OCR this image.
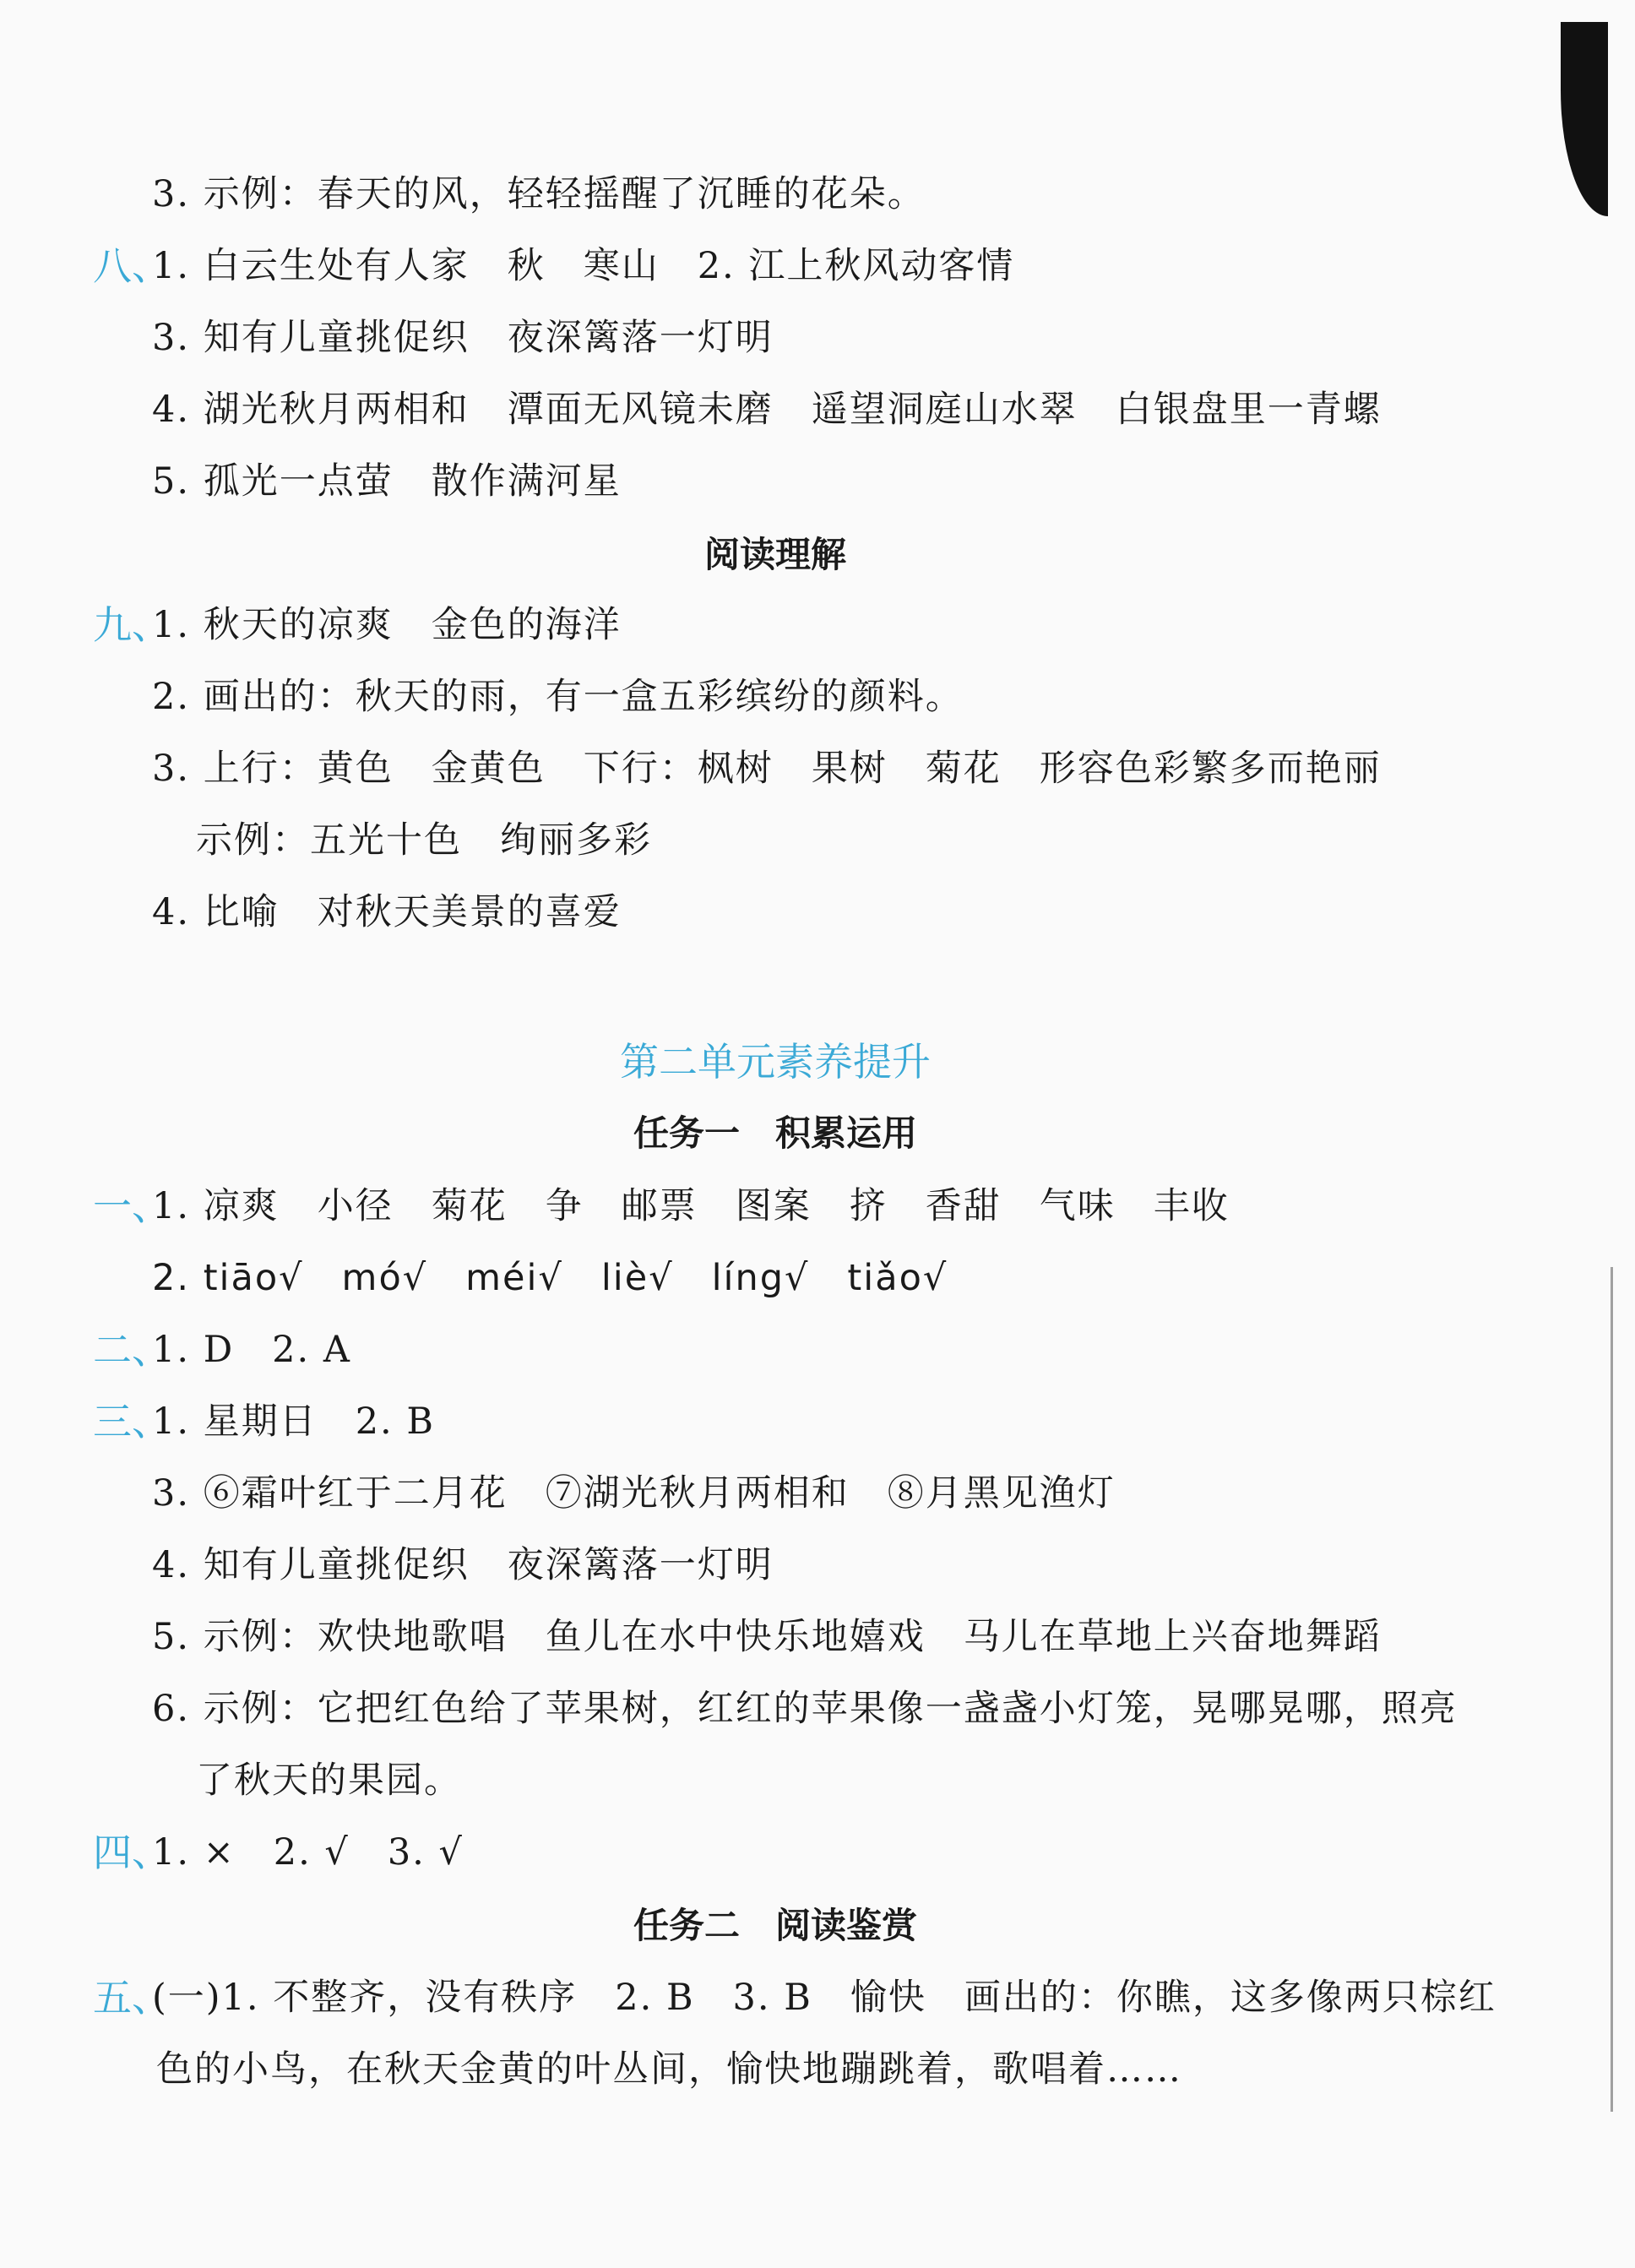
3. 示例：春天的风，轻轻摇醒了沉睡的花朵。
八、
1. 白云生处有人家　秋　寒山　2. 江上秋风动客情
3. 知有儿童挑促织　夜深篱落一灯明
4. 湖光秋月两相和　潭面无风镜未磨　遥望洞庭山水翠　白银盘里一青螺
5. 孤光一点萤　散作满河星
阅读理解
九、
1. 秋天的凉爽　金色的海洋
2. 画出的：秋天的雨，有一盒五彩缤纷的颜料。
3. 上行：黄色　金黄色　下行：枫树　果树　菊花　形容色彩繁多而艳丽
示例：五光十色　绚丽多彩
4. 比喻　对秋天美景的喜爱
第二单元素养提升
任务一　积累运用
一、
1. 凉爽　小径　菊花　争　邮票　图案　挤　香甜　气味　丰收
2. tiāo√　mó√　méi√　liè√　líng√　tiǎo√
二、
1. D　2. A
三、
1. 星期日　2. B
3. ⑥霜叶红于二月花　⑦湖光秋月两相和　⑧月黑见渔灯
4. 知有儿童挑促织　夜深篱落一灯明
5. 示例：欢快地歌唱　鱼儿在水中快乐地嬉戏　马儿在草地上兴奋地舞蹈
6. 示例：它把红色给了苹果树，红红的苹果像一盏盏小灯笼，晃哪晃哪，照亮
了秋天的果园。
四、
1. ×　2. √　3. √
任务二　阅读鉴赏
五、
(一)1. 不整齐，没有秩序　2. B　3. B　愉快　画出的：你瞧，这多像两只棕红
色的小鸟，在秋天金黄的叶丛间，愉快地蹦跳着，歌唱着……
